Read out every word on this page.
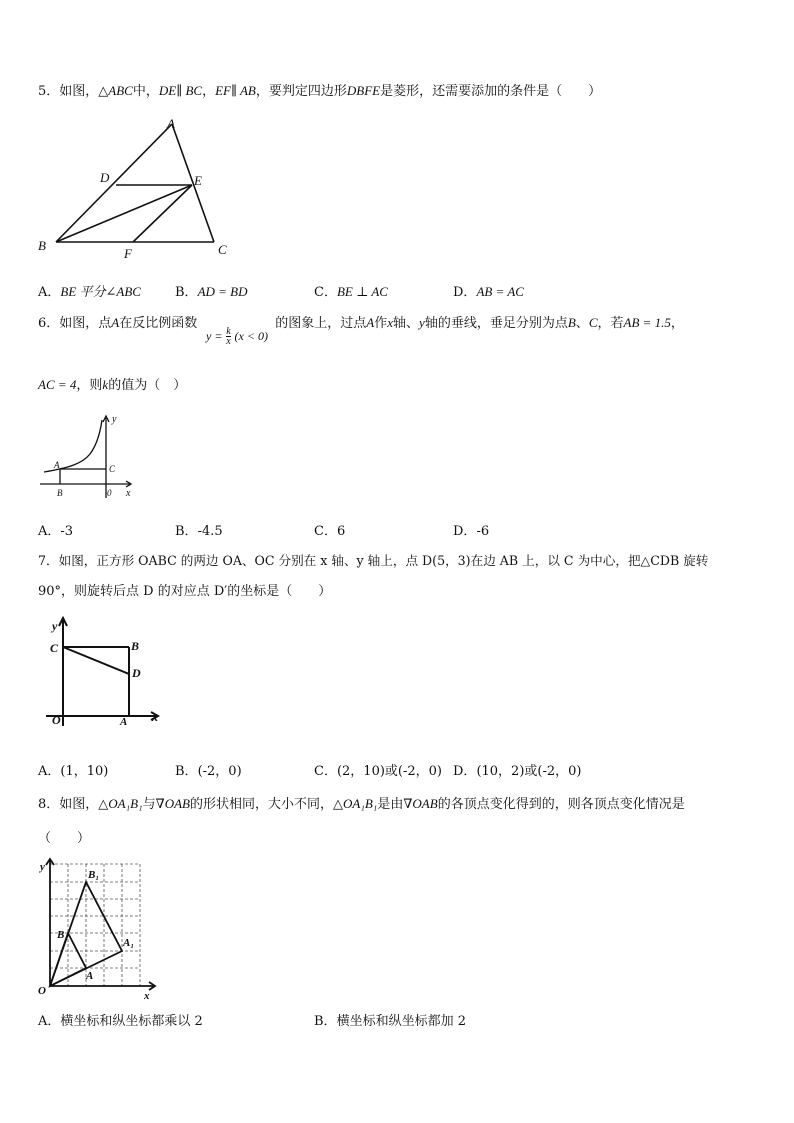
5．如图，△ABC中，DE∥ BC，EF∥ AB，要判定四边形DBFE是菱形，还需要添加的条件是（　　）
A
D	E
B
F	C
A．BE 平分∠ABC	B．AD = BD	C．BE ⊥ AC	D．AB = AC
6．如图，点A在反比例函数	的图象上，过点A作x轴、y轴的垂线，垂足分别为点B、C，若AB = 1.5，
$y = \frac{k}{x} (x < 0)$
AC = 4，则k的值为（　）
y
A	C
B	0 x
A．-3	B．-4.5	C．6	D．-6
7．如图，正方形 OABC 的两边 OA、OC 分别在 x 轴、y 轴上，点 D(5，3)在边 AB 上，以 C 为中心，把△CDB 旋转
90°，则旋转后点 D 的对应点 D′的坐标是（　　）
y
C	B
D
O	A x
A．(1，10)	B．(-2，0)	C．(2，10)或(-2，0) D．(10，2)或(-2，0)
8．如图，△OA₁B₁与∇OAB的形状相同，大小不同，△OA₁B₁是由∇OAB的各顶点变化得到的，则各顶点变化情况是
（　　）
y
B₁
B
A₁
A
O	x
A．横坐标和纵坐标都乘以 2	B．横坐标和纵坐标都加 2
